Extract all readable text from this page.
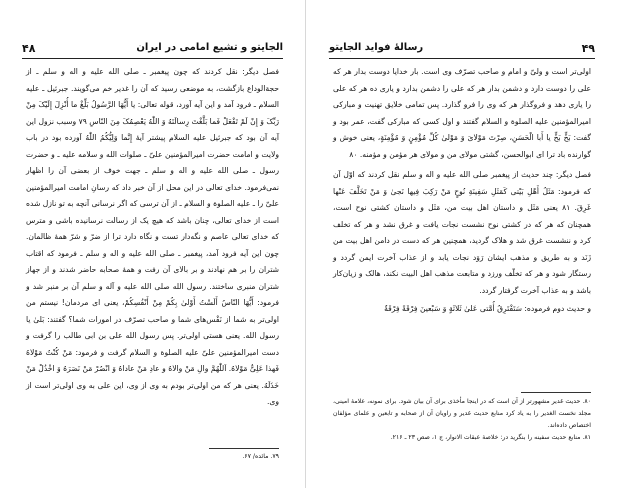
۴۸	الجایتو و تشیع امامی در ایران

فصل دیگر: نقل کردند که چون پیغمبر ـ صلی الله علیه و اله و سلم ـ از حجةالوداع بازگشت، به موضعی رسید که آن را غدیر خم می‌گویند. جبرئیل ـ علیه السلام ـ فرود آمد و این آیه آورد، قوله تعالی: یا أَیُّهَا الرَّسُولُ بَلِّغْ ما أُنْزِلَ إِلَیْکَ مِنْ رَبِّکَ وَ إِنْ لَمْ تَفْعَلْ فَما بَلَّغْتَ رِسالَتَهُ وَ اللّٰهُ یَعْصِمُکَ مِنَ النّاسِ ۷۹ وسبب نزول این آیه آن بود که جبرئیل علیه السلام پیشتر آیهٔ إِنَّما وَلِیُّکُمُ اللّٰهُ آورده بود در باب ولایت و امامت حضرت امیرالمؤمنین علیّ ـ صلوات الله و سلامه علیه ـ و حضرت رسول ـ صلی الله علیه و اله و سلم ـ جهت خوف از بعضی آن را اظهار نمی‌فرمود. خدای تعالی در این محل از آن خبر داد که رسانِ امامت امیرالمؤمنین علیّ را ـ علیه الصلوة و السلام ـ از آن ترسی که اگر نرسانی آنچه به تو نازل شده است از خدای تعالی، چنان باشد که هیچ یک از رسالت نرسانیده باشی و مترس که خدای تعالی عاصم و نگه‌دار تست و نگاه دارد ترا از ضرّ و شرّ همهٔ ظالمان. چون این آیه فرود آمد، پیغمبر ـ صلی الله علیه و اله و سلم ـ فرمود که اقتاب شتران را بر هم نهادند و بر بالای آن رفت و همهٔ صحابه حاضر شدند و از جهاز شتران منبری ساختند. رسول الله صلی الله علیه و آله و سلم آن بر منبر شد و فرمود: أَیُّهَا النّاسُ أَلَسْتُ أَوْلیٰ بِکُمْ مِنْ أَنْفُسِکُمْ، یعنی ای مردمان! نیستم من اولی‌تر به شما از نَفْس‌های شما و صاحب تصرّف در امورات شما؟ گفتند: بَلیٰ یا رسول الله. یعنی هستی اولی‌تر. پس رسول الله علی بن ابی طالب را گرفت و دست امیرالمؤمنین علیّ علیه الصلوة و السلام گرفت و فرمود: مَنْ کُنْتُ مَوْلاهُ فَهذا عَلِیٌّ مَوْلاهُ. اَللّٰهُمَّ والِ مَنْ والاهُ و عادِ مَنْ عاداهُ وَ انْصُرْ مَنْ نَصَرَهُ وَ اخْذُلْ مَنْ خَذَلَهُ. یعنی هر که من اولی‌تر بودم به وی از وی، این علی به وی اولی‌تر است از وی.

۷۹. مائده/ ۶۷.

۴۹
رسالهٔ فواید الجایتو

اولی‌تر است و ولیّ و امام و صاحب تصرّف وی است. بار خدایا دوست بدار هر که علی را دوست دارد و دشمن بدار هر که علی را دشمن بدارد و یاری ده هر که علی را یاری دهد و فروگذار هر که وی را فرو گذارد. پس تمامی خلایق تهنیت و مبارکی امیرالمؤمنین علیه الصلوة و السلام گفتند و اول کسی که مبارکی گفت، عمر بود و گفت: بَخٍّ بَخٍّ یا أَبا الْحَسَنِ، صِرْتَ مَوْلایَ وَ مَوْلیٰ کُلِّ مُؤْمِنٍ وَ مُؤْمِنَةٍ، یعنی خوش و گوارنده باد ترا ای ابوالحسن، گشتی مولای من و مولای هر مؤمن و مؤمنه. ۸۰

فصل دیگر: چند حدیث از پیغمبر صلی الله علیه و اله و سلم نقل کردند که اوّل آن که فرمود: مَثَلُ أَهْلِ بَیْتی کَمَثَلِ سَفِینَةِ نُوحٍ مَنْ رَکِبَ فِیها نَجیٰ وَ مَنْ تَخَلَّفَ عَنْها غَرِقَ. ۸۱ یعنی مَثَل و داستان اهل بیت من، مَثَل و داستان کشتی نوح است، همچنان که هر که در کشتی نوح نشست نجات یافت و غرق نشد و هر که تخلف کرد و ننشست غرق شد و هلاک گردید، همچنین هر که دست در دامن اهل بیت من زَنَد و به طریق و مذهب ایشان رَوَد نجات یابد و از عذاب آخرت ایمن گردد و رستگار شود و هر که تخلّف ورزد و متابعت مذهب اهل البیت نکند، هالک و زیان‌کار باشد و به عذاب آخرت گرفتار گردد.

و حدیث دوم فرموده: سَتَفْتَرِقُ أُمَّتی عَلیٰ ثَلاثَةٍ وَ سَبْعینَ فِرْقَةً فِرْقَةٌ

۸۰. حدیث غدیر مشهورتر از آن است که در اینجا مأخذی برای آن بیان شود. برای نمونه، علامهٔ امینی، مجلد نخست الغدیر را به یاد کرد منابع حدیث غدیر و راویان آن از صحابه و تابعین و علمای مؤلفان اختصاص داده‌اند.

۸۱. منابع حدیث سفینه را بنگرید در: خلاصهٔ عبقات الانوار، ج ۱، صص ۲۳ ـ ۲۱۶.
